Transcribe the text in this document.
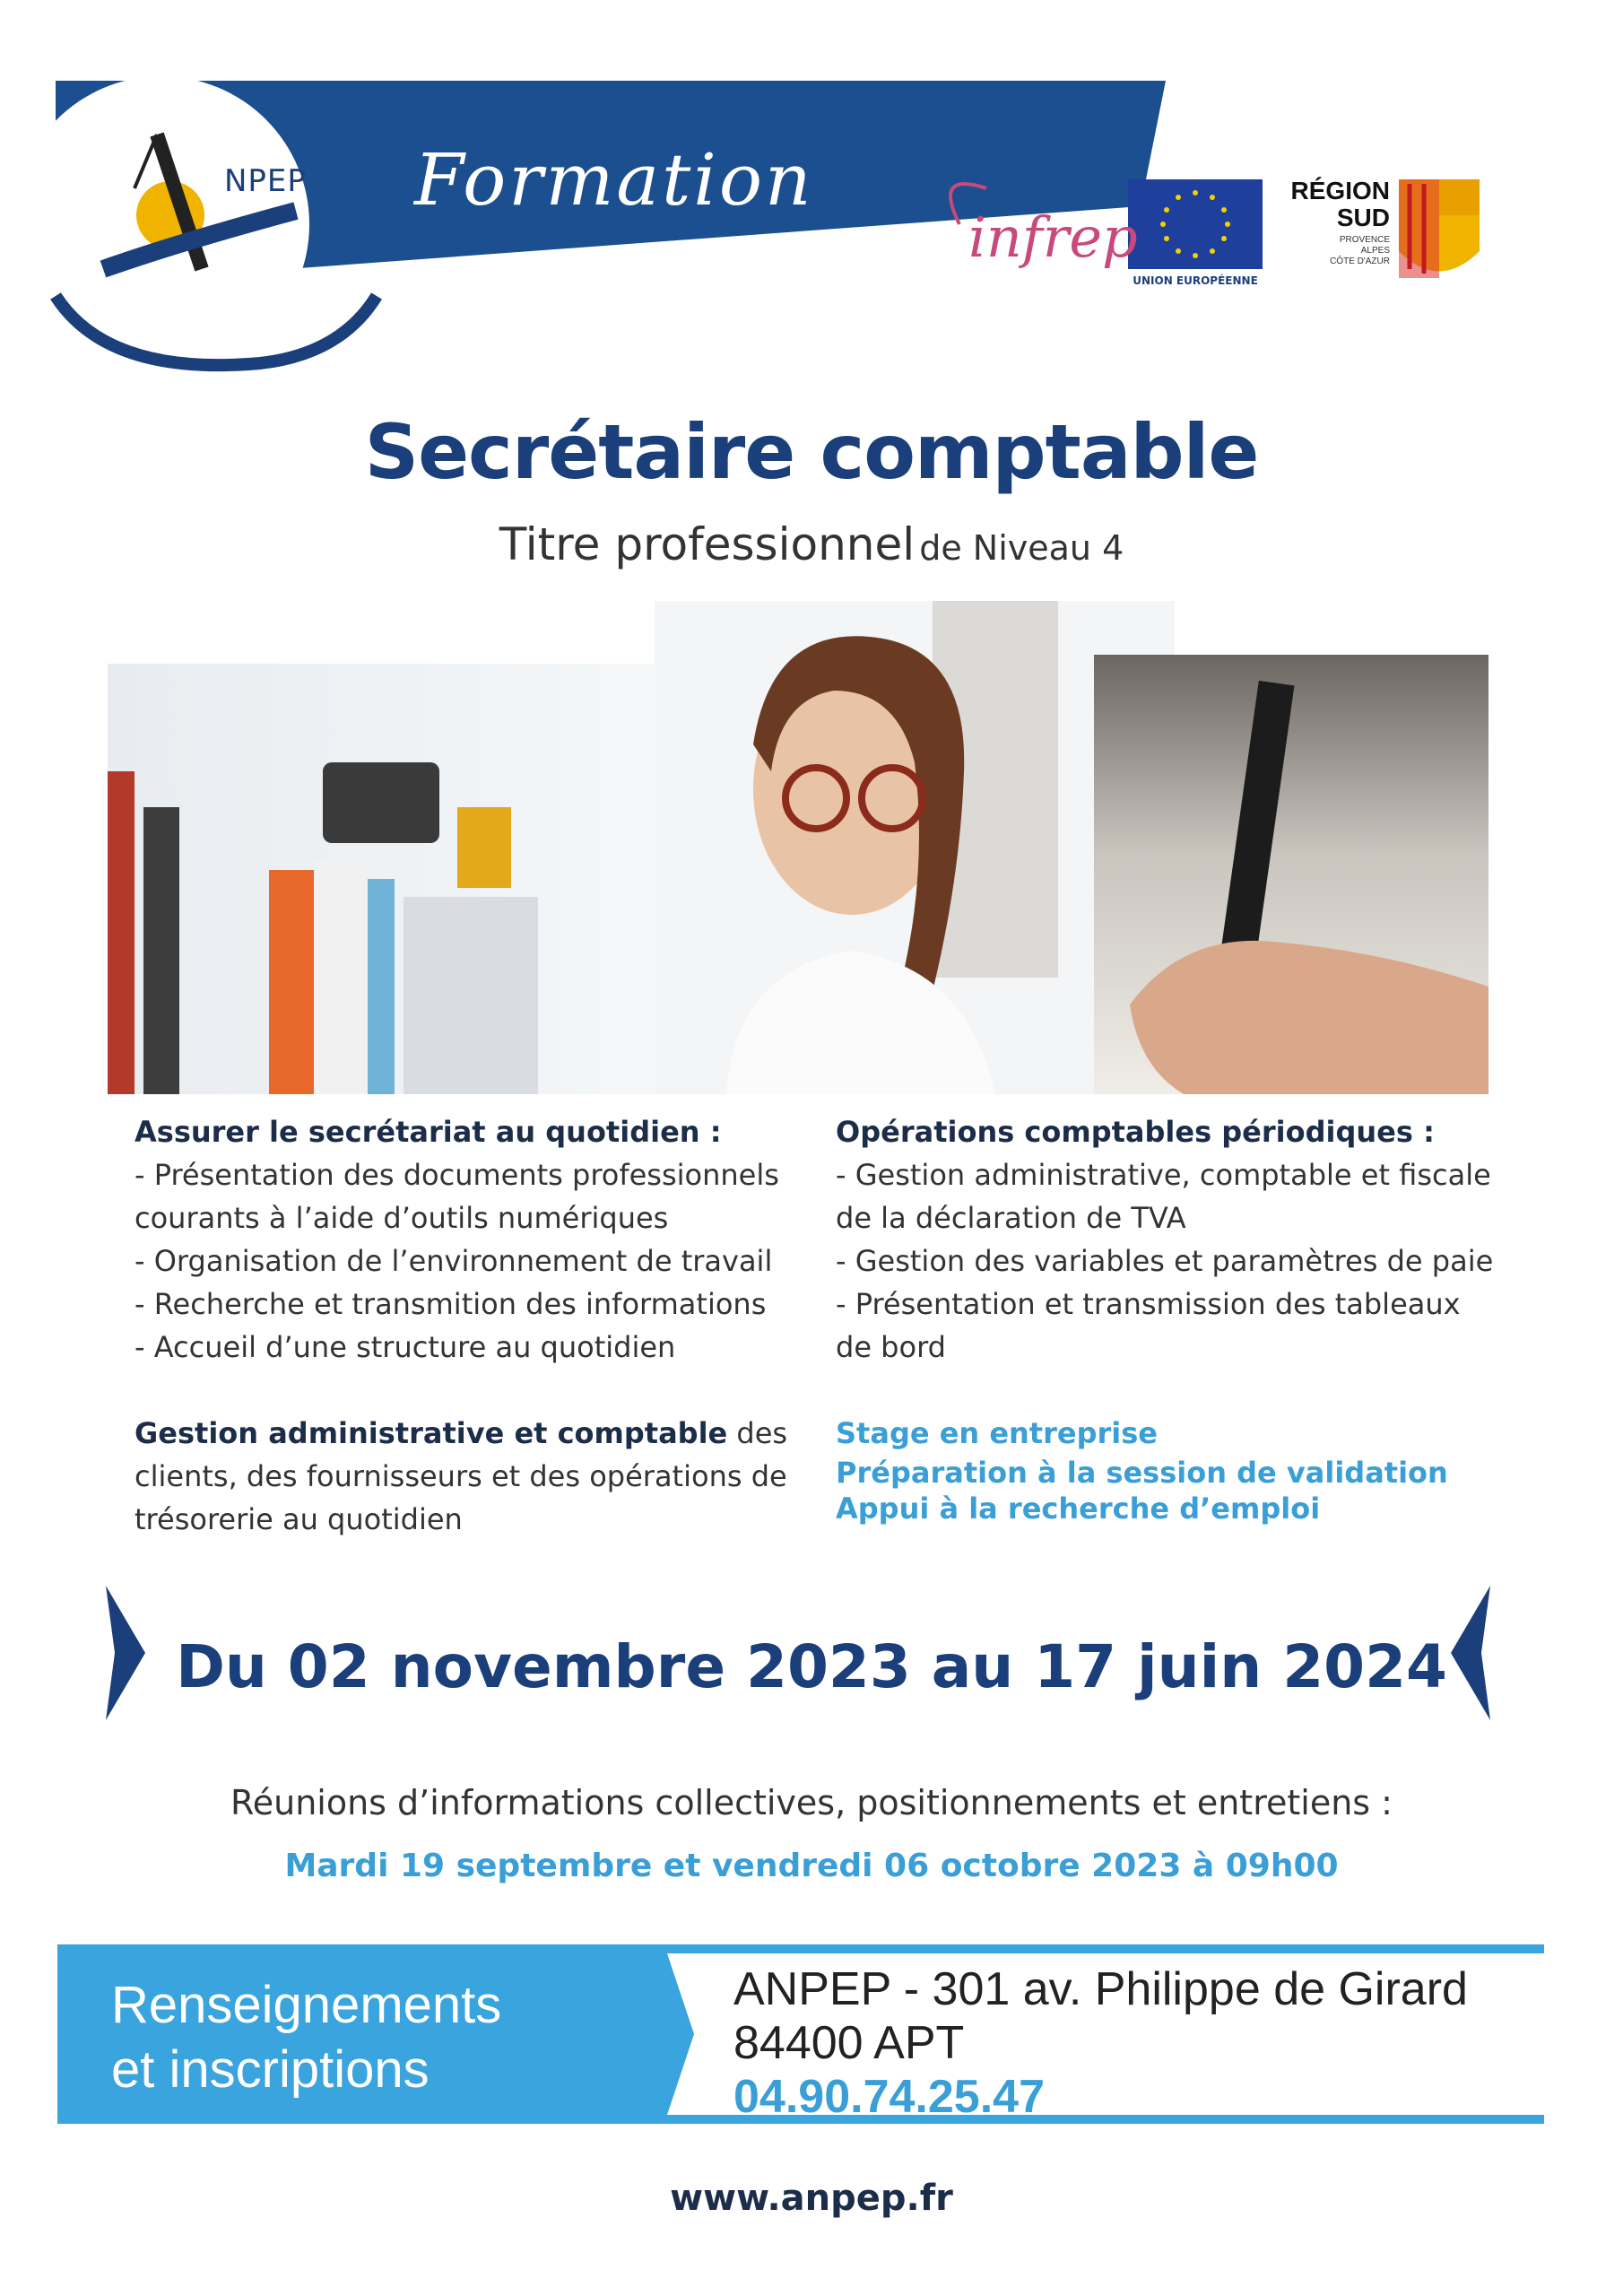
NPEP Formation
infrep
UNION EUROPÉENNE
RÉGION
SUD
PROVENCE
ALPES
CÔTE D'AZUR
Secrétaire comptable
Titre professionnel de Niveau 4
Assurer le secrétariat au quotidien :
- Présentation des documents professionnels
courants à l’aide d’outils numériques
- Organisation de l’environnement de travail
- Recherche et transmition des informations
- Accueil d’une structure au quotidien
Gestion administrative et comptable des
clients, des fournisseurs et des opérations de
trésorerie au quotidien
Opérations comptables périodiques :
- Gestion administrative, comptable et fiscale
de la déclaration de TVA
- Gestion des variables et paramètres de paie
- Présentation et transmission des tableaux
de bord
Stage en entreprise
Préparation à la session de validation
Appui à la recherche d’emploi
Du 02 novembre 2023 au 17 juin 2024
Réunions d’informations collectives, positionnements et entretiens :
Mardi 19 septembre et vendredi 06 octobre 2023 à 09h00
Renseignements
et inscriptions
ANPEP - 301 av. Philippe de Girard
84400 APT
04.90.74.25.47
www.anpep.fr
